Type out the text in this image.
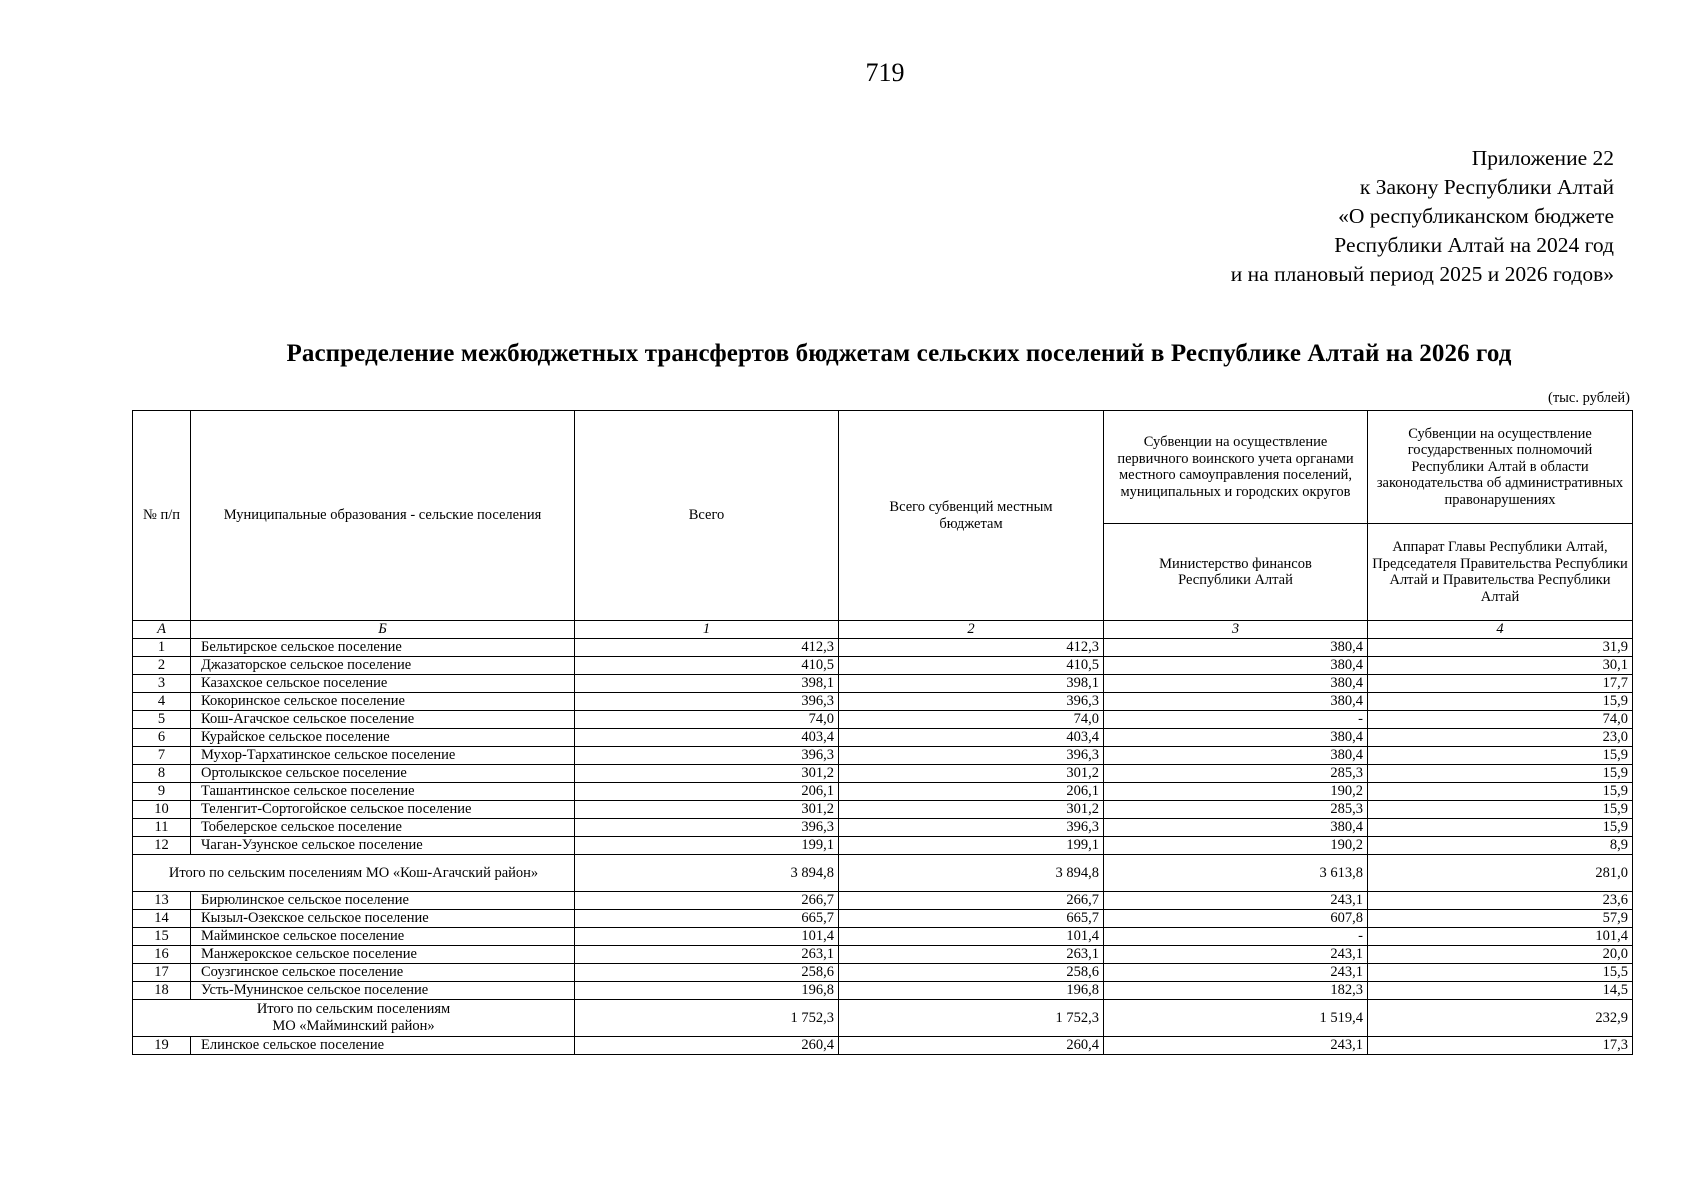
719
Приложение 22
к Закону Республики Алтай
«О республиканском бюджете
Республики Алтай на 2024 год
и на плановый период 2025 и 2026 годов»
Распределение межбюджетных трансфертов бюджетам сельских поселений в Республике Алтай на 2026 год
(тыс. рублей)
№ п/п	Муниципальные образования - сельские поселения	Всего	Всего субвенций местным бюджетам	Субвенции на осуществление первичного воинского учета органами местного самоуправления поселений, муниципальных и городских округов	Субвенции на осуществление государственных полномочий Республики Алтай в области законодательства об административных правонарушениях
				Министерство финансов Республики Алтай	Аппарат Главы Республики Алтай, Председателя Правительства Республики Алтай и Правительства Республики Алтай
А	Б	1	2	3	4
1	Бельтирское сельское поселение	412,3	412,3	380,4	31,9
2	Джазаторское сельское поселение	410,5	410,5	380,4	30,1
3	Казахское сельское поселение	398,1	398,1	380,4	17,7
4	Кокоринское сельское поселение	396,3	396,3	380,4	15,9
5	Кош-Агачское сельское поселение	74,0	74,0	-	74,0
6	Курайское сельское поселение	403,4	403,4	380,4	23,0
7	Мухор-Тархатинское сельское поселение	396,3	396,3	380,4	15,9
8	Ортолыкское сельское поселение	301,2	301,2	285,3	15,9
9	Ташантинское сельское поселение	206,1	206,1	190,2	15,9
10	Теленгит-Сортогойское сельское поселение	301,2	301,2	285,3	15,9
11	Тобелерское сельское поселение	396,3	396,3	380,4	15,9
12	Чаган-Узунское сельское поселение	199,1	199,1	190,2	8,9
Итого по сельским поселениям МО «Кош-Агачский район»		3 894,8	3 894,8	3 613,8	281,0
13	Бирюлинское сельское поселение	266,7	266,7	243,1	23,6
14	Кызыл-Озекское сельское поселение	665,7	665,7	607,8	57,9
15	Майминское сельское поселение	101,4	101,4	-	101,4
16	Манжерокское сельское поселение	263,1	263,1	243,1	20,0
17	Соузгинское сельское поселение	258,6	258,6	243,1	15,5
18	Усть-Мунинское сельское поселение	196,8	196,8	182,3	14,5

Итого по сельским поселениям
МО «Майминский район»		1 752,3	1 752,3	1 519,4	232,9
19	Елинское сельское поселение	260,4	260,4	243,1	17,3
